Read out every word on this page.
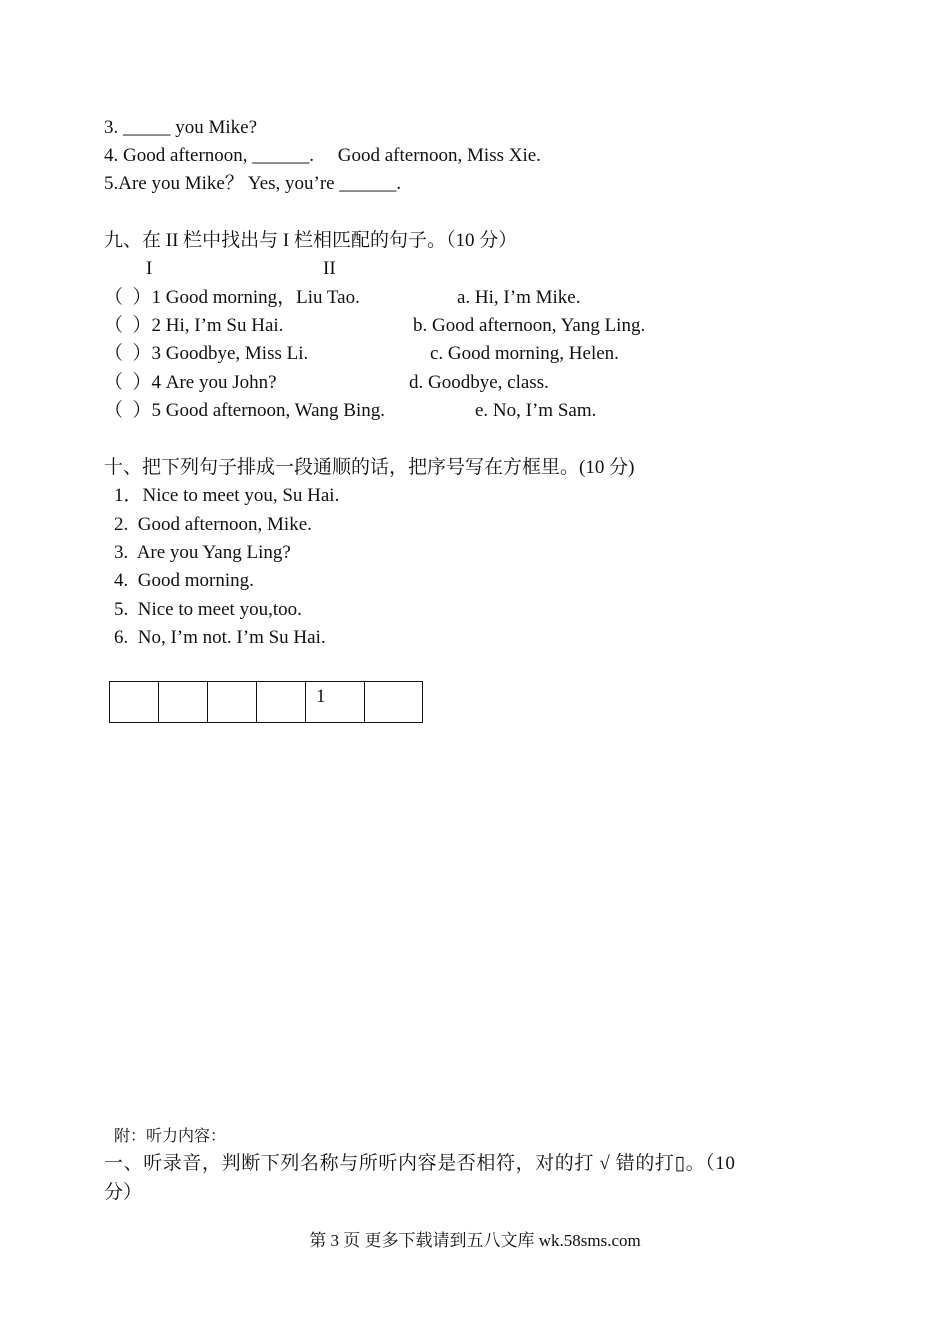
3. _____ you Mike?
4. Good afternoon, ______.     Good afternoon, Miss Xie.
5.Are you Mike？ Yes, you’re ______.
九、在 II 栏中找出与 I 栏相匹配的句子。（10 分）
I	II
（  ）1 Good morning，Liu Tao.	a. Hi, I’m Mike.
（  ）2 Hi, I’m Su Hai.	b. Good afternoon, Yang Ling.
（  ）3 Goodbye, Miss Li.	c. Good morning, Helen.
（  ）4 Are you John?	d. Goodbye, class.
（  ）5 Good afternoon, Wang Bing.	e. No, I’m Sam.
十、把下列句子排成一段通顺的话，把序号写在方框里。(10 分)
1．Nice to meet you, Su Hai.
2.  Good afternoon, Mike.
3.  Are you Yang Ling?
4.  Good morning.
5.  Nice to meet you,too.
6.  No, I’m not. I’m Su Hai.
				1	
附：听力内容：
一、听录音，判断下列名称与所听内容是否相符，对的打 √ 错的打▯。（10
分）
第 3 页 更多下载请到五八文库 wk.58sms.com
